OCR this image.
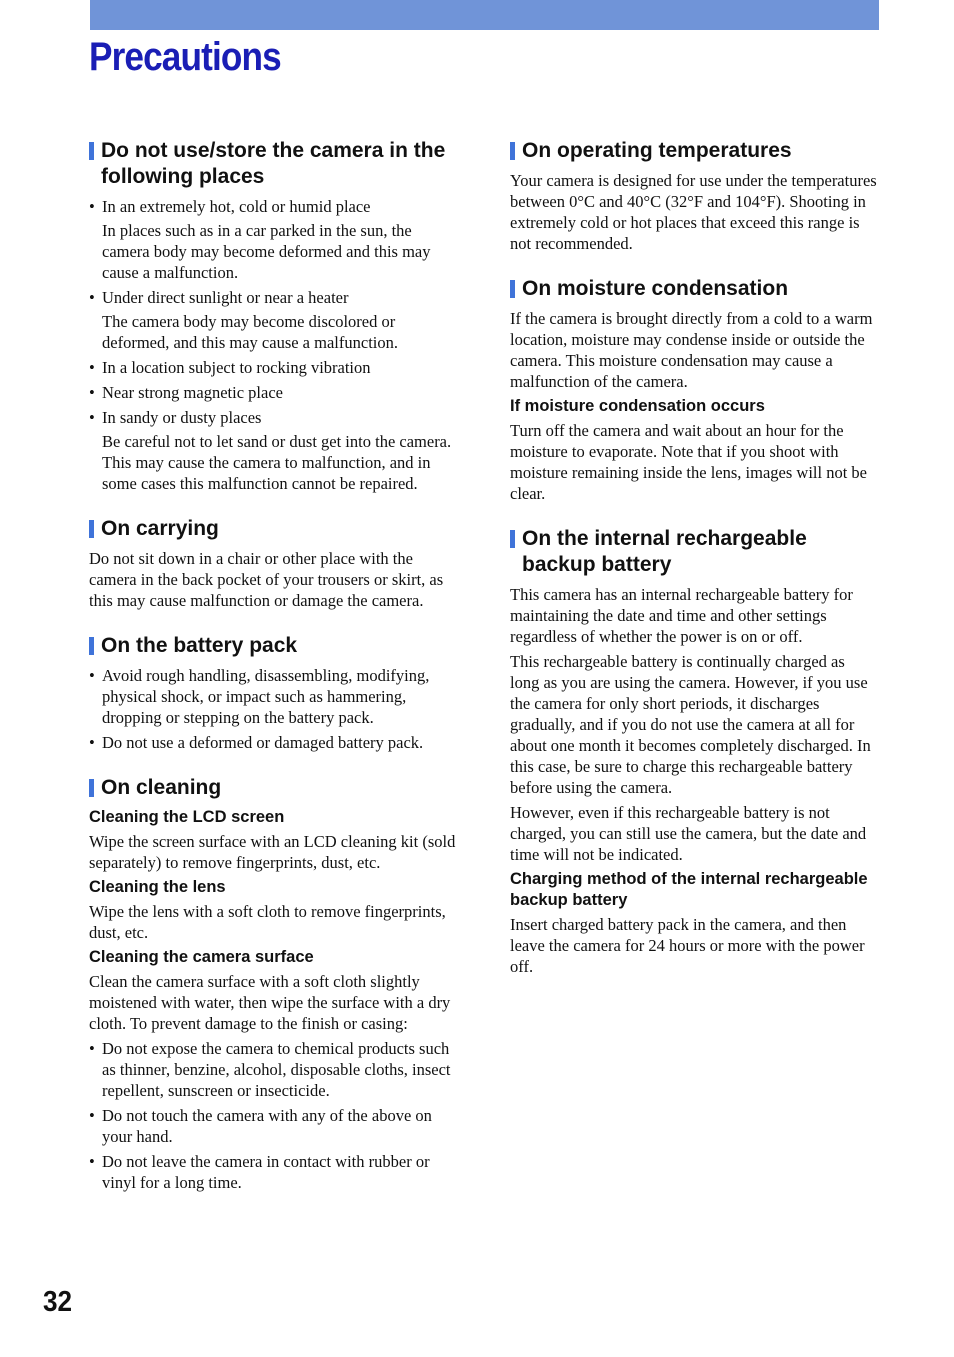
Precautions
Do not use/store the camera in the following places
• In an extremely hot, cold or humid place

In places such as in a car parked in the sun, the camera body may become deformed and this may cause a malfunction.

• Under direct sunlight or near a heater

The camera body may become discolored or deformed, and this may cause a malfunction.

• In a location subject to rocking vibration
• Near strong magnetic place
• In sandy or dusty places

Be careful not to let sand or dust get into the camera. This may cause the camera to malfunction, and in some cases this malfunction cannot be repaired.

On carrying

Do not sit down in a chair or other place with the camera in the back pocket of your trousers or skirt, as this may cause malfunction or damage the camera.

On the battery pack
• Avoid rough handling, disassembling, modifying, physical shock, or impact such as hammering, dropping or stepping on the battery pack.
• Do not use a deformed or damaged battery pack.
On cleaning
Cleaning the LCD screen

Wipe the screen surface with an LCD cleaning kit (sold separately) to remove fingerprints, dust, etc.

Cleaning the lens

Wipe the lens with a soft cloth to remove fingerprints, dust, etc.

Cleaning the camera surface

Clean the camera surface with a soft cloth slightly moistened with water, then wipe the surface with a dry cloth. To prevent damage to the finish or casing:

• Do not expose the camera to chemical products such as thinner, benzine, alcohol, disposable cloths, insect repellent, sunscreen or insecticide.
• Do not touch the camera with any of the above on your hand.
• Do not leave the camera in contact with rubber or vinyl for a long time.
On operating temperatures

Your camera is designed for use under the temperatures between 0°C and 40°C (32°F and 104°F). Shooting in extremely cold or hot places that exceed this range is not recommended.

On moisture condensation

If the camera is brought directly from a cold to a warm location, moisture may condense inside or outside the camera. This moisture condensation may cause a malfunction of the camera.

If moisture condensation occurs

Turn off the camera and wait about an hour for the moisture to evaporate. Note that if you shoot with moisture remaining inside the lens, images will not be clear.

On the internal rechargeable backup battery

This camera has an internal rechargeable battery for maintaining the date and time and other settings regardless of whether the power is on or off.

This rechargeable battery is continually charged as long as you are using the camera. However, if you use the camera for only short periods, it discharges gradually, and if you do not use the camera at all for about one month it becomes completely discharged. In this case, be sure to charge this rechargeable battery before using the camera.

However, even if this rechargeable battery is not charged, you can still use the camera, but the date and time will not be indicated.

Charging method of the internal rechargeable backup battery

Insert charged battery pack in the camera, and then leave the camera for 24 hours or more with the power off.

32
